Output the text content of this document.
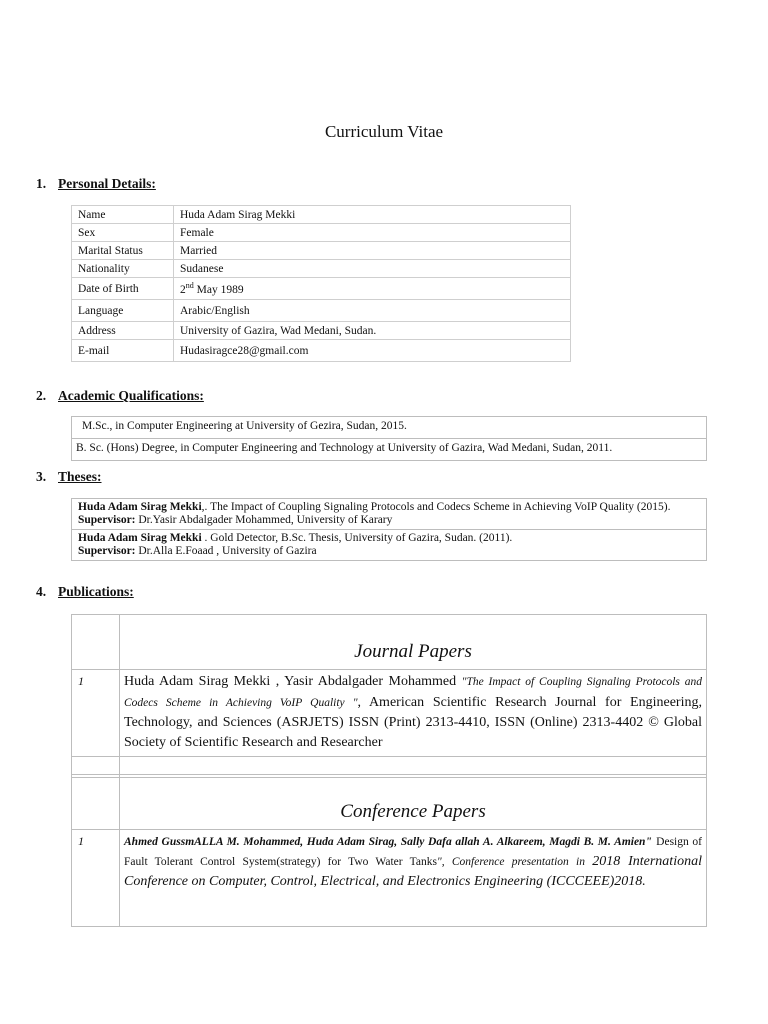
Curriculum Vitae
1. Personal Details:
Name	Huda Adam Sirag Mekki
Sex	Female
Marital Status	Married
Nationality	Sudanese
Date of Birth	2nd May 1989
Language	Arabic/English
Address	University of Gazira, Wad Medani, Sudan.
E-mail	Hudasiragce28@gmail.com
2. Academic Qualifications:
M.Sc., in Computer Engineering at University of Gezira, Sudan, 2015.
B. Sc. (Hons) Degree, in Computer Engineering and Technology at University of Gazira, Wad Medani, Sudan, 2011.
3. Theses:
Huda Adam Sirag Mekki,. The Impact of Coupling Signaling Protocols and Codecs Scheme in Achieving VoIP Quality (2015).
Supervisor: Dr.Yasir Abdalgader Mohammed, University of Karary
Huda Adam Sirag Mekki . Gold Detector, B.Sc. Thesis, University of Gazira, Sudan. (2011).
Supervisor: Dr.Alla E.Foaad , University of Gazira
4. Publications:
Journal Papers
1	Huda Adam Sirag Mekki , Yasir Abdalgader Mohammed "The Impact of Coupling Signaling Protocols and Codecs Scheme in Achieving VoIP Quality ", American Scientific Research Journal for Engineering, Technology, and Sciences (ASRJETS) ISSN (Print) 2313-4410, ISSN (Online) 2313-4402 © Global Society of Scientific Research and Researcher
Conference Papers
1	Ahmed GussmALLA M. Mohammed, Huda Adam Sirag, Sally Dafa allah A. Alkareem, Magdi B. M. Amien" Design of Fault Tolerant Control System(strategy) for Two Water Tanks", Conference presentation in 2018 International Conference on Computer, Control, Electrical, and Electronics Engineering (ICCCEEE)2018.
